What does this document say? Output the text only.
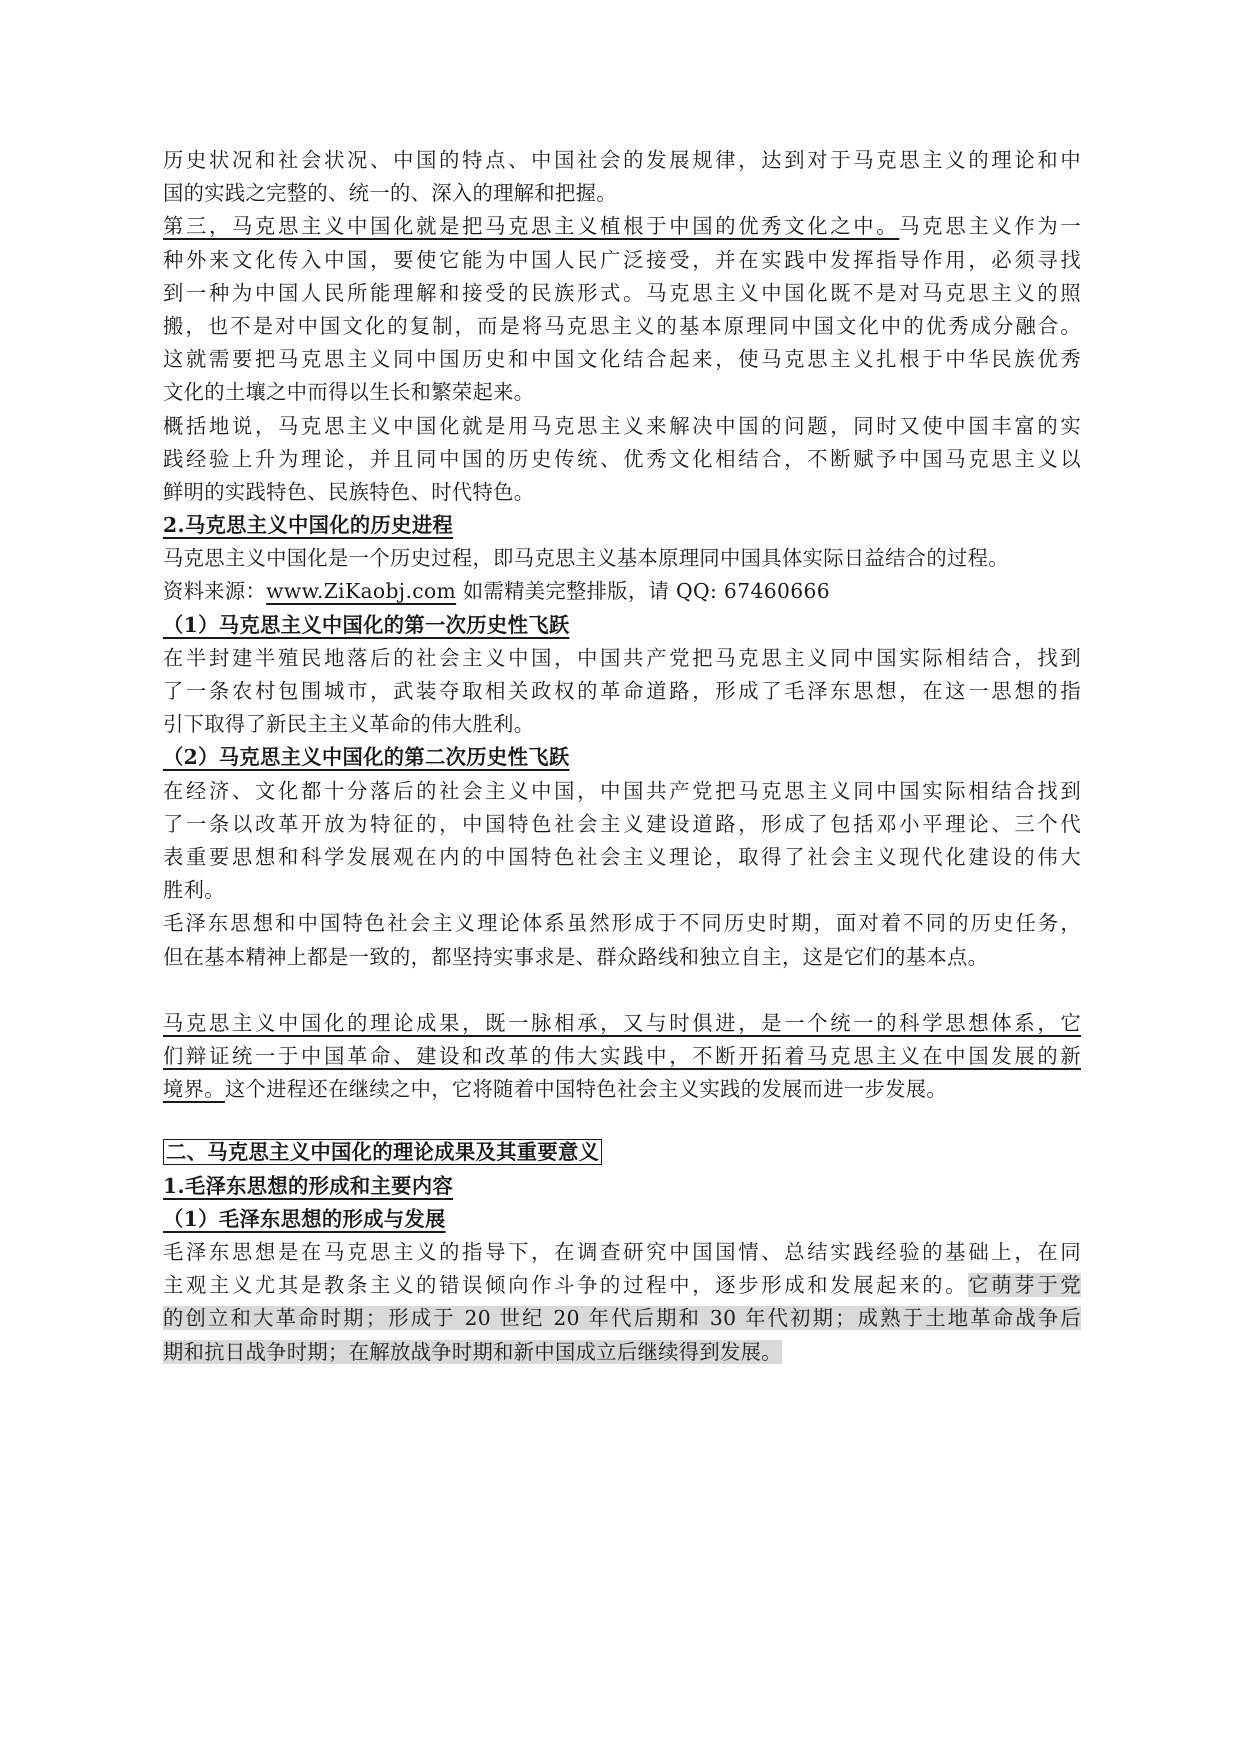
历史状况和社会状况、中国的特点、中国社会的发展规律，达到对于马克思主义的理论和中
国的实践之完整的、统一的、深入的理解和把握。
第三，马克思主义中国化就是把马克思主义植根于中国的优秀文化之中。马克思主义作为一
种外来文化传入中国，要使它能为中国人民广泛接受，并在实践中发挥指导作用，必须寻找
到一种为中国人民所能理解和接受的民族形式。马克思主义中国化既不是对马克思主义的照
搬，也不是对中国文化的复制，而是将马克思主义的基本原理同中国文化中的优秀成分融合。
这就需要把马克思主义同中国历史和中国文化结合起来，使马克思主义扎根于中华民族优秀
文化的土壤之中而得以生长和繁荣起来。
概括地说，马克思主义中国化就是用马克思主义来解决中国的问题，同时又使中国丰富的实
践经验上升为理论，并且同中国的历史传统、优秀文化相结合，不断赋予中国马克思主义以
鲜明的实践特色、民族特色、时代特色。
2.马克思主义中国化的历史进程
马克思主义中国化是一个历史过程，即马克思主义基本原理同中国具体实际日益结合的过程。
资料来源：www.ZiKaobj.com 如需精美完整排版，请 QQ: 67460666
（1）马克思主义中国化的第一次历史性飞跃
在半封建半殖民地落后的社会主义中国，中国共产党把马克思主义同中国实际相结合，找到
了一条农村包围城市，武装夺取相关政权的革命道路，形成了毛泽东思想，在这一思想的指
引下取得了新民主主义革命的伟大胜利。
（2）马克思主义中国化的第二次历史性飞跃
在经济、文化都十分落后的社会主义中国，中国共产党把马克思主义同中国实际相结合找到
了一条以改革开放为特征的，中国特色社会主义建设道路，形成了包括邓小平理论、三个代
表重要思想和科学发展观在内的中国特色社会主义理论，取得了社会主义现代化建设的伟大
胜利。
毛泽东思想和中国特色社会主义理论体系虽然形成于不同历史时期，面对着不同的历史任务，
但在基本精神上都是一致的，都坚持实事求是、群众路线和独立自主，这是它们的基本点。
马克思主义中国化的理论成果，既一脉相承，又与时俱进，是一个统一的科学思想体系，它
们辩证统一于中国革命、建设和改革的伟大实践中，不断开拓着马克思主义在中国发展的新
境界。这个进程还在继续之中，它将随着中国特色社会主义实践的发展而进一步发展。
二、马克思主义中国化的理论成果及其重要意义
1.毛泽东思想的形成和主要内容
（1）毛泽东思想的形成与发展
毛泽东思想是在马克思主义的指导下，在调查研究中国国情、总结实践经验的基础上，在同
主观主义尤其是教条主义的错误倾向作斗争的过程中，逐步形成和发展起来的。它萌芽于党
的创立和大革命时期；形成于 20 世纪 20 年代后期和 30 年代初期；成熟于土地革命战争后
期和抗日战争时期；在解放战争时期和新中国成立后继续得到发展。
